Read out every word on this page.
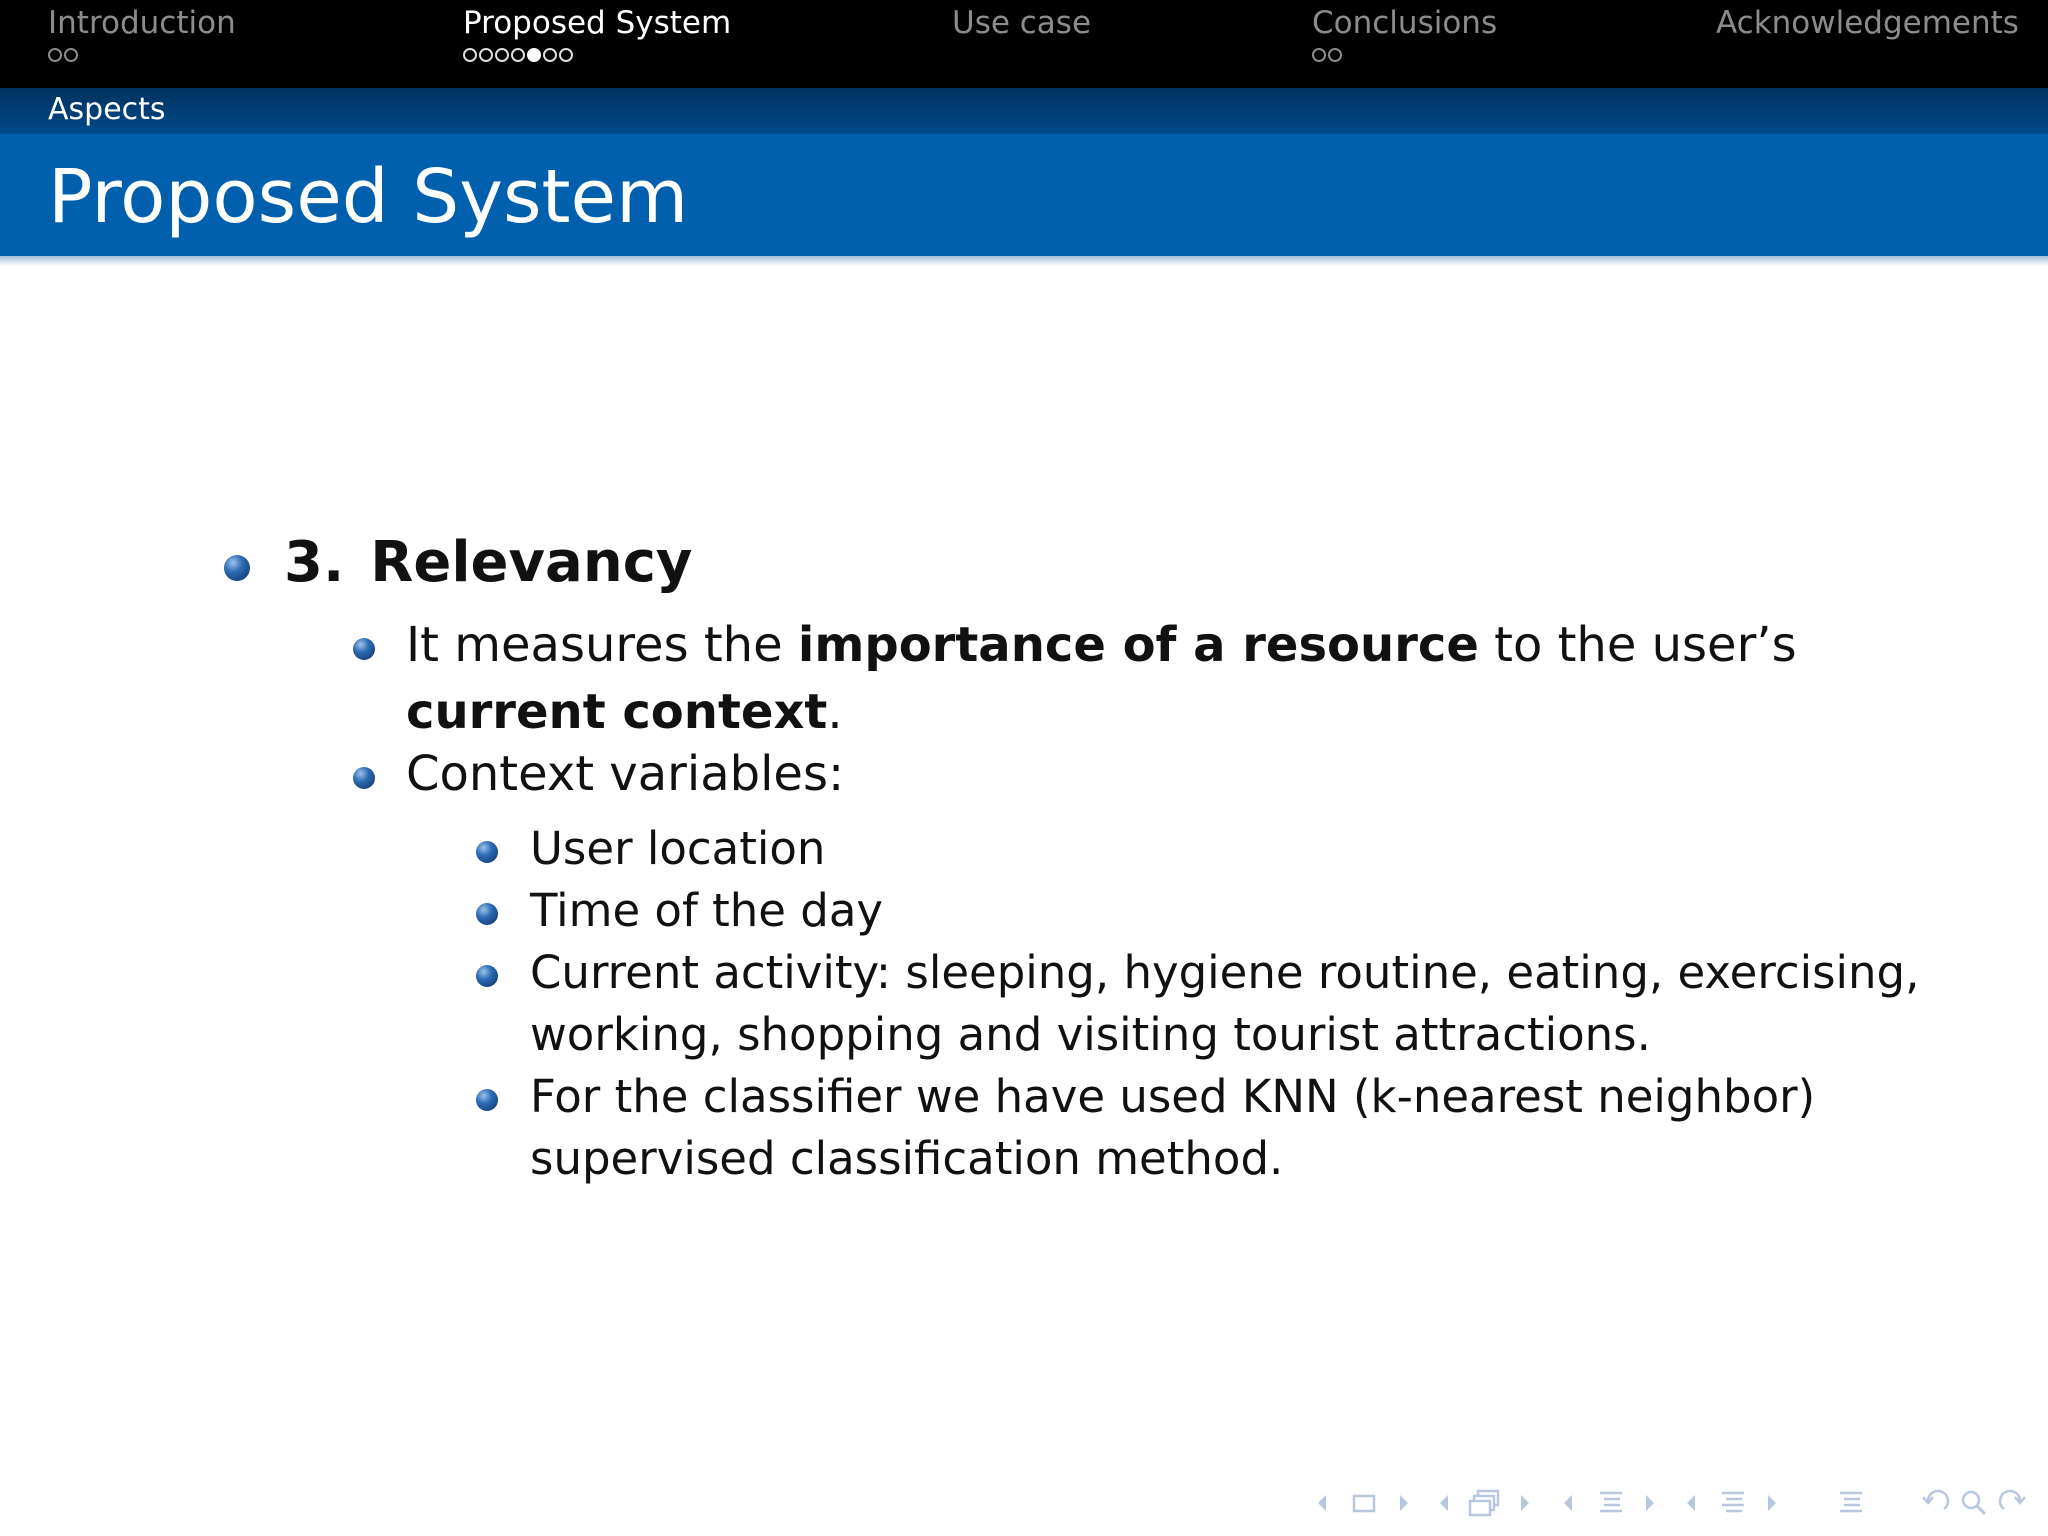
Introduction	Proposed System	Use case	Conclusions	Acknowledgements
Aspects
Proposed System
3. Relevancy
It measures the importance of a resource to the user’s
current context.
Context variables:
User location
Time of the day
Current activity: sleeping, hygiene routine, eating, exercising,
working, shopping and visiting tourist attractions.
For the classifier we have used KNN (k-nearest neighbor)
supervised classification method.
